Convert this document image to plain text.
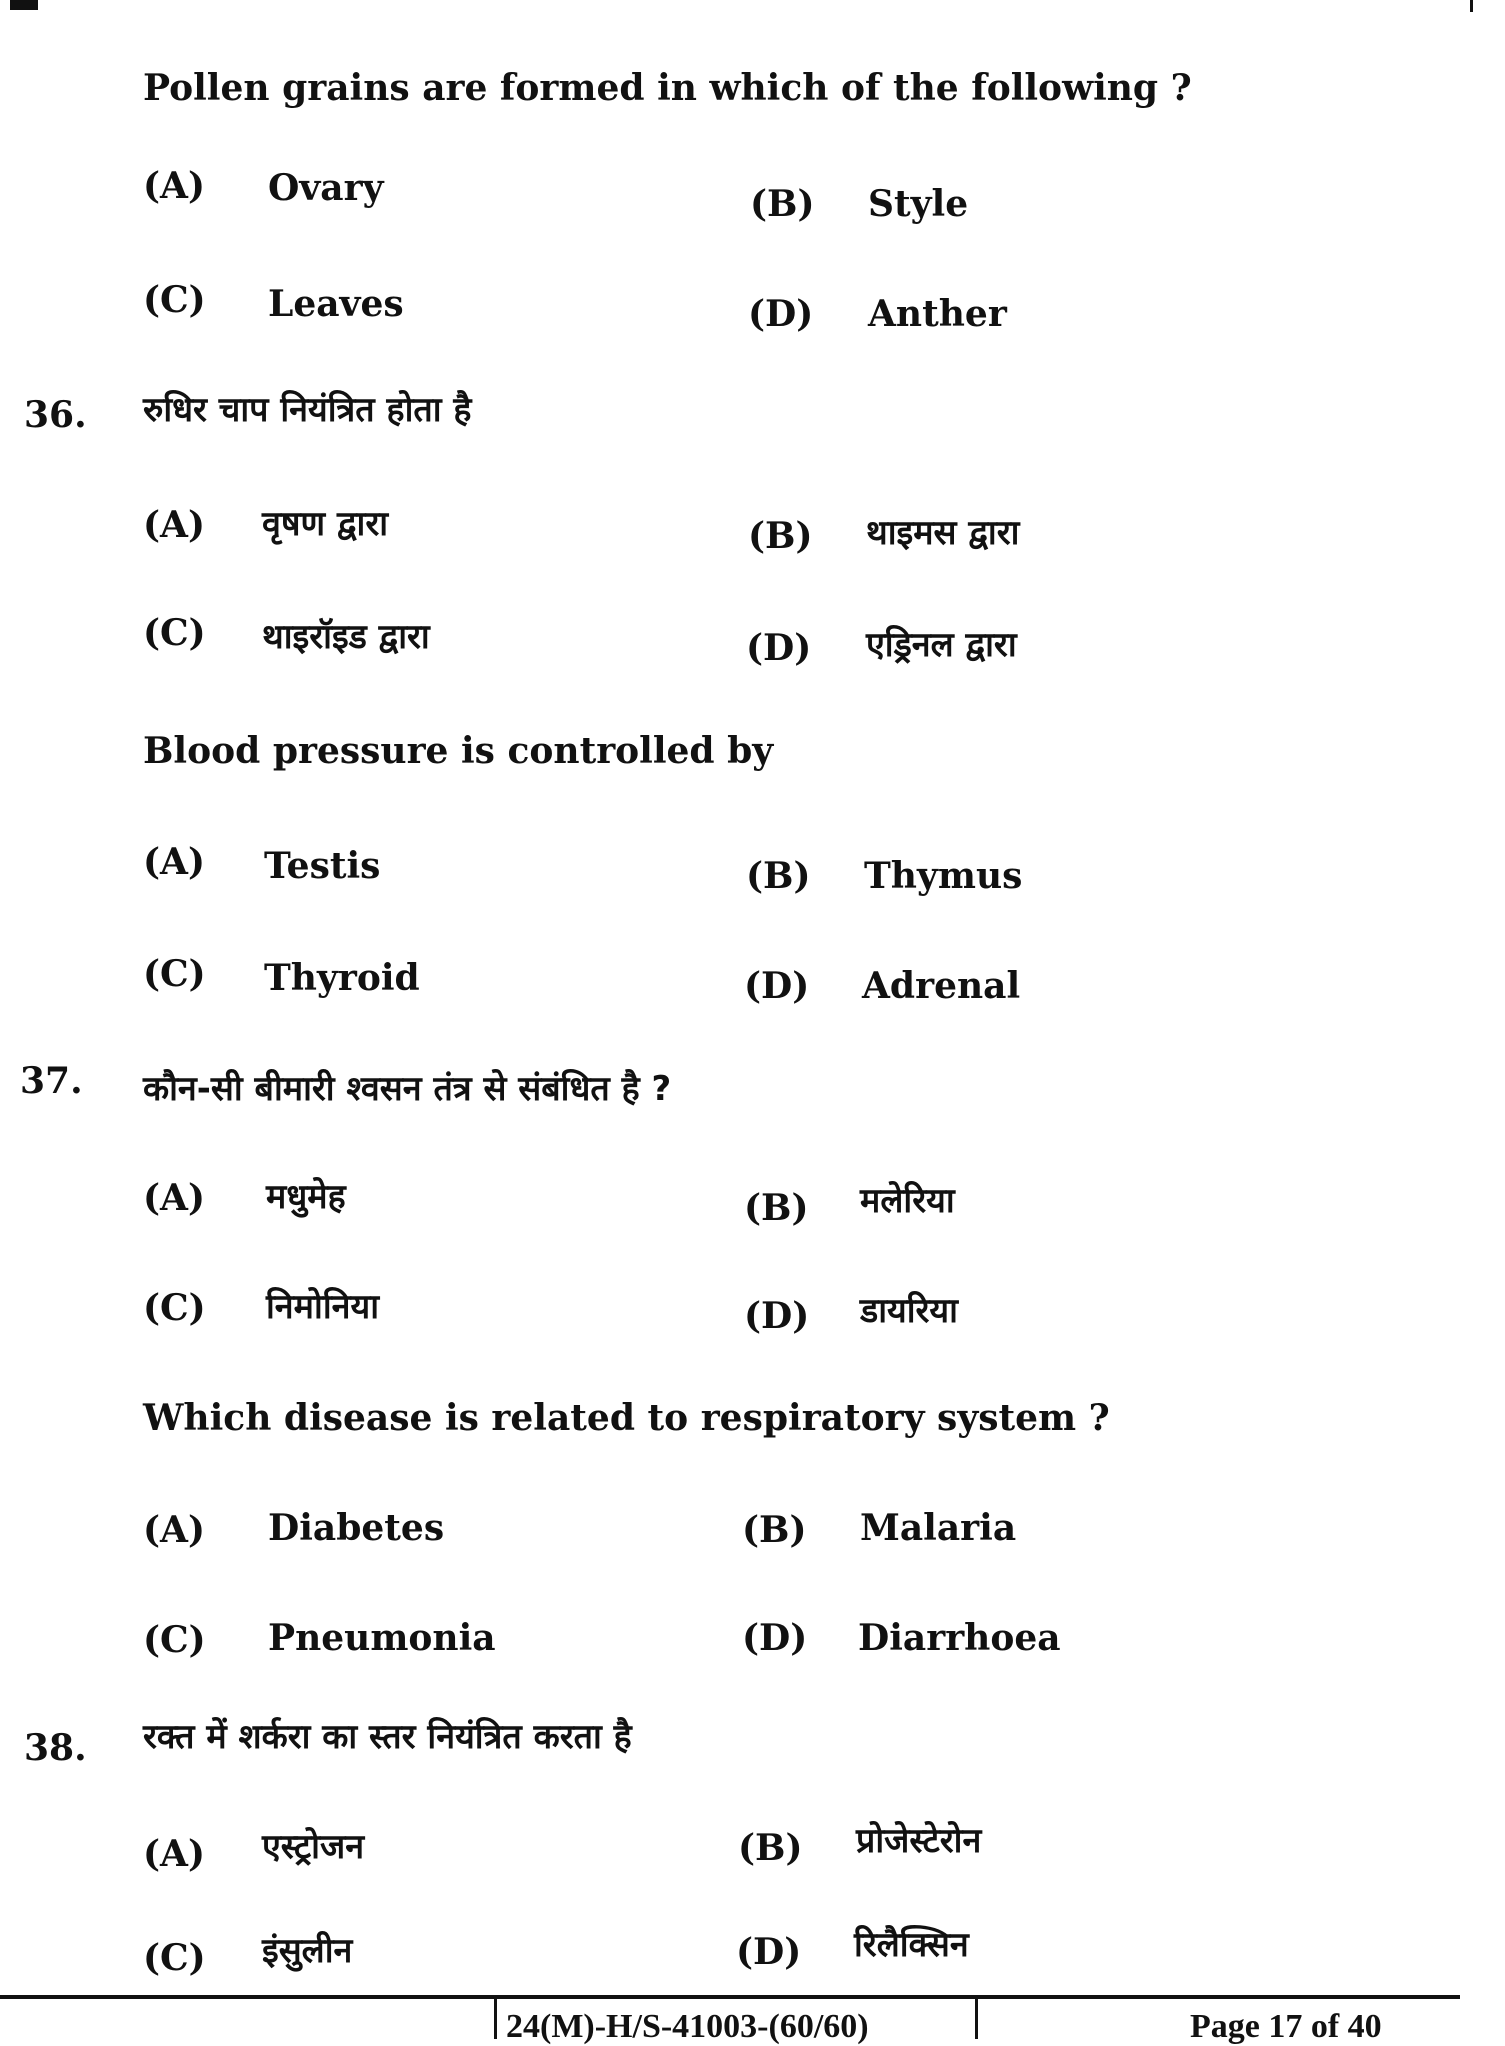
Pollen grains are formed in which of the following ?
(A) Ovary	(B) Style
(C) Leaves	(D) Anther
36. रुधिर चाप नियंत्रित होता है
(A) वृषण द्वारा	(B) थाइमस द्वारा
(C) थाइरॉइड द्वारा	(D) एड्रिनल द्वारा
Blood pressure is controlled by
(A) Testis	(B) Thymus
(C) Thyroid	(D) Adrenal
37. कौन-सी बीमारी श्वसन तंत्र से संबंधित है ?
(A) मधुमेह	(B) मलेरिया
(C) निमोनिया	(D) डायरिया
Which disease is related to respiratory system ?
(A) Diabetes	(B) Malaria
(C) Pneumonia	(D) Diarrhoea
38. रक्त में शर्करा का स्तर नियंत्रित करता है
(A) एस्ट्रोजन	(B) प्रोजेस्टेरोन
(C) इंसुलीन	(D) रिलैक्सिन
24(M)-H/S-41003-(60/60)	Page 17 of 40
